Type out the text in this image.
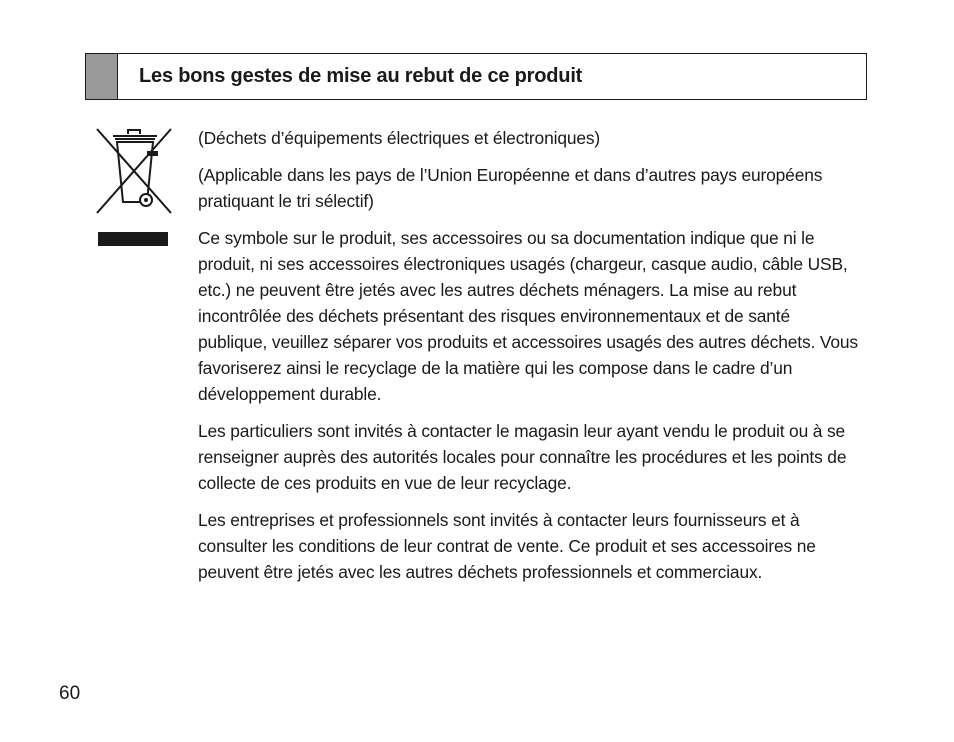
Les bons gestes de mise au rebut de ce produit

(Déchets d’équipements électriques et électroniques)

(Applicable dans les pays de l’Union Européenne et dans d’autres pays européens pratiquant le tri sélectif)

Ce symbole sur le produit, ses accessoires ou sa documentation indique que ni le produit, ni ses accessoires électroniques usagés (chargeur, casque audio, câble USB, etc.) ne peuvent être jetés avec les autres déchets ménagers. La mise au rebut incontrôlée des déchets présentant des risques environnementaux et de santé publique, veuillez séparer vos produits et accessoires usagés des autres déchets. Vous favoriserez ainsi le recyclage de la matière qui les compose dans le cadre d’un développement durable.

Les particuliers sont invités à contacter le magasin leur ayant vendu le produit ou à se renseigner auprès des autorités locales pour connaître les procédures et les points de collecte de ces produits en vue de leur recyclage.

Les entreprises et professionnels sont invités à contacter leurs fournisseurs et à consulter les conditions de leur contrat de vente. Ce produit et ses accessoires ne peuvent être jetés avec les autres déchets professionnels et commerciaux.

60
